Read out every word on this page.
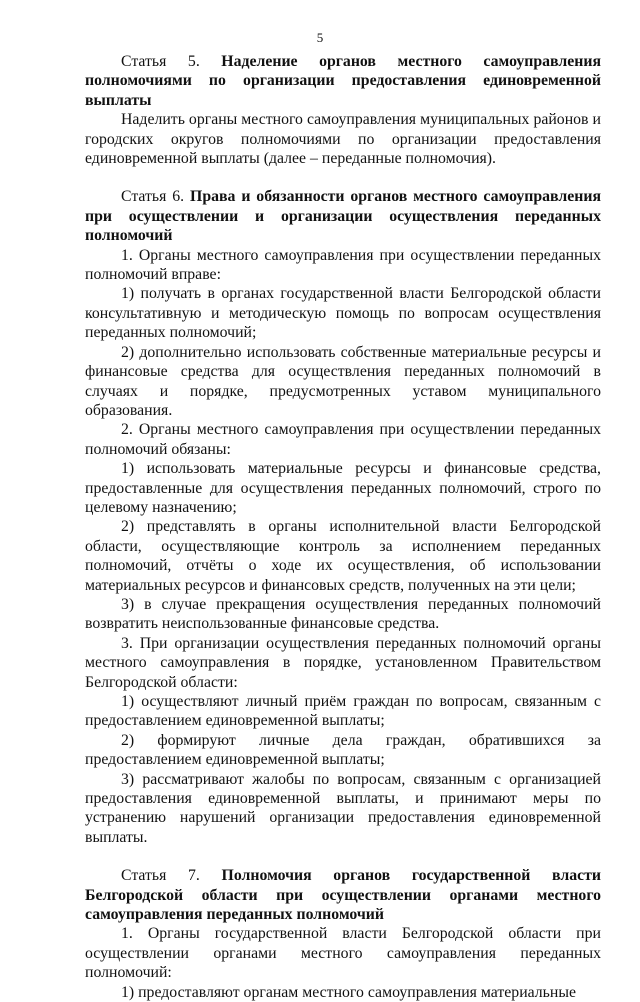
5

Статья 5. Наделение органов местного самоуправления полномочиями по организации предоставления единовременной выплаты

Наделить органы местного самоуправления муниципальных районов и городских округов полномочиями по организации предоставления единовременной выплаты (далее – переданные полномочия).

Статья 6. Права и обязанности органов местного самоуправления при осуществлении и организации осуществления переданных полномочий

1. Органы местного самоуправления при осуществлении переданных полномочий вправе:

1) получать в органах государственной власти Белгородской области консультативную и методическую помощь по вопросам осуществления переданных полномочий;

2) дополнительно использовать собственные материальные ресурсы и финансовые средства для осуществления переданных полномочий в случаях и порядке, предусмотренных уставом муниципального образования.

2. Органы местного самоуправления при осуществлении переданных полномочий обязаны:

1) использовать материальные ресурсы и финансовые средства, предоставленные для осуществления переданных полномочий, строго по целевому назначению;

2) представлять в органы исполнительной власти Белгородской области, осуществляющие контроль за исполнением переданных полномочий, отчёты о ходе их осуществления, об использовании материальных ресурсов и финансовых средств, полученных на эти цели;

3) в случае прекращения осуществления переданных полномочий возвратить неиспользованные финансовые средства.

3. При организации осуществления переданных полномочий органы местного самоуправления в порядке, установленном Правительством Белгородской области:

1) осуществляют личный приём граждан по вопросам, связанным с предоставлением единовременной выплаты;

2) формируют личные дела граждан, обратившихся за предоставлением единовременной выплаты;

3) рассматривают жалобы по вопросам, связанным с организацией предоставления единовременной выплаты, и принимают меры по устранению нарушений организации предоставления единовременной выплаты.

Статья 7. Полномочия органов государственной власти Белгородской области при осуществлении органами местного самоуправления переданных полномочий

1. Органы государственной власти Белгородской области при осуществлении органами местного самоуправления переданных полномочий:

1) предоставляют органам местного самоуправления материальные
